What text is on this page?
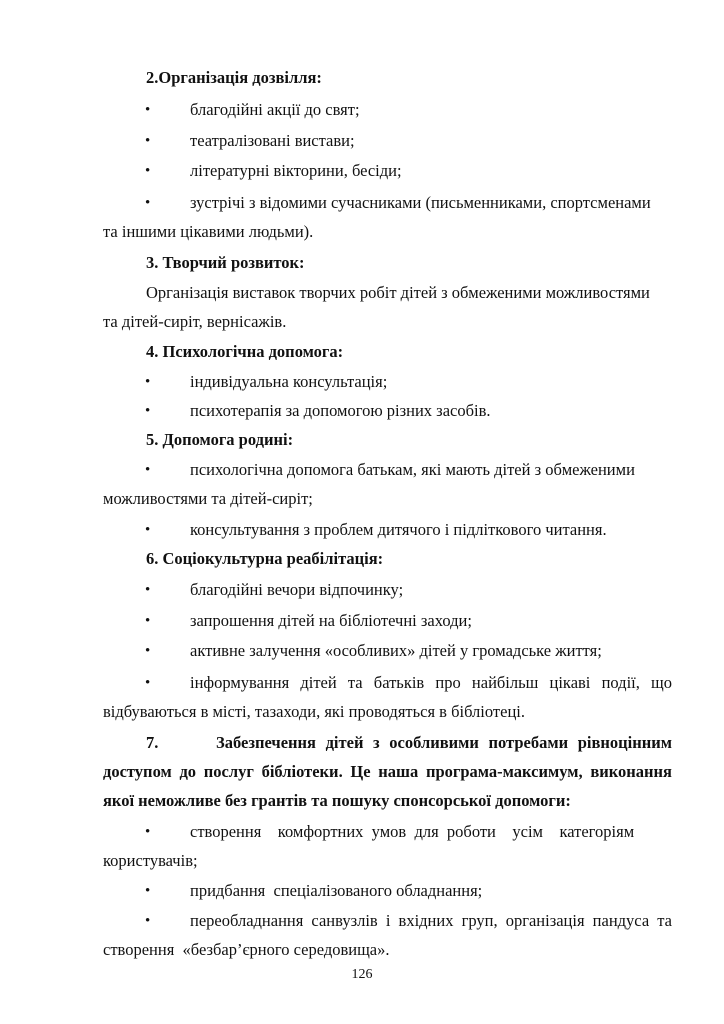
2.Організація дозвілля:
• благодійні акції до свят;
• театралізовані вистави;
• літературні вікторини, бесіди;
• зустрічі з відомими сучасниками (письменниками, спортсменами
та іншими цікавими людьми).
3. Творчий розвиток:
Організація виставок творчих робіт дітей з обмеженими можливостями
та дітей-сиріт, вернісажів.
4. Психологічна допомога:
• індивідуальна консультація;
• психотерапія за допомогою різних засобів.
5. Допомога родині:
• психологічна допомога батькам, які мають дітей з обмеженими
можливостями та дітей-сиріт;
• консультування з проблем дитячого і підліткового читання.
6. Соціокультурна реабілітація:
• благодійні вечори відпочинку;
• запрошення дітей на бібліотечні заходи;
• активне залучення «особливих» дітей у громадське життя;
• інформування дітей та батьків про найбільш цікаві події, що
відбуваються в місті, тазаходи, які проводяться в бібліотеці.
7.      Забезпечення дітей з особливими потребами рівноцінним
доступом до послуг бібліотеки. Це наша програма-максимум, виконання
якої неможливе без грантів та пошуку спонсорської допомоги:
• створення    комфортних  умов  для  роботи    усім    категоріям
користувачів;
• придбання  спеціалізованого обладнання;
• переобладнання санвузлів і вхідних груп, організація пандуса та
створення  «безбар’єрного середовища».
126
